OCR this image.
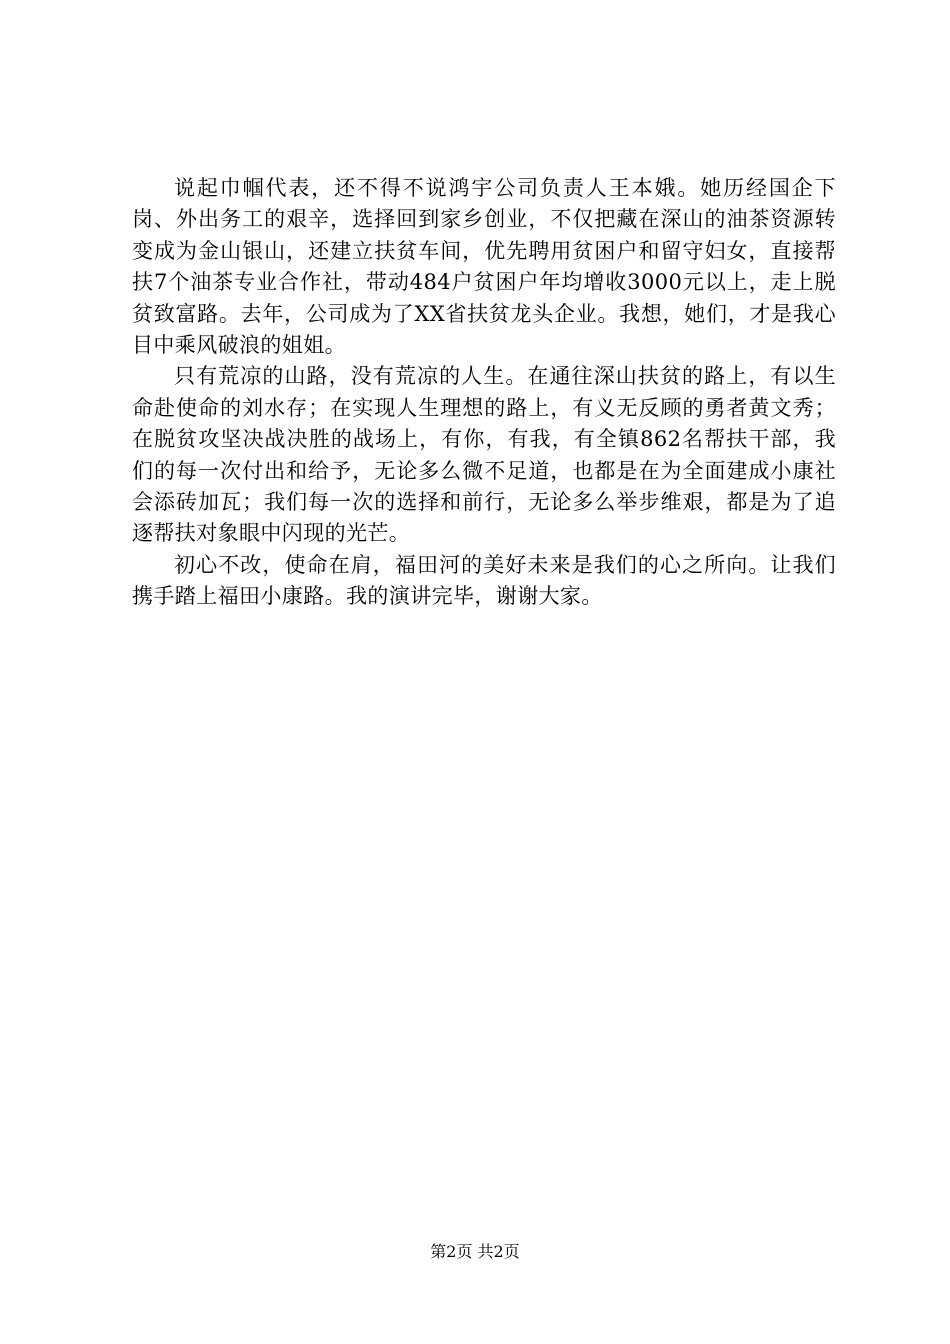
说起巾帼代表，还不得不说鸿宇公司负责人王本娥。她历经国企下岗、外出务工的艰辛，选择回到家乡创业，不仅把藏在深山的油茶资源转变成为金山银山，还建立扶贫车间，优先聘用贫困户和留守妇女，直接帮扶7个油茶专业合作社，带动484户贫困户年均增收3000元以上，走上脱贫致富路。去年，公司成为了XX省扶贫龙头企业。我想，她们，才是我心目中乘风破浪的姐姐。

只有荒凉的山路，没有荒凉的人生。在通往深山扶贫的路上，有以生命赴使命的刘水存；在实现人生理想的路上，有义无反顾的勇者黄文秀；在脱贫攻坚决战决胜的战场上，有你，有我，有全镇862名帮扶干部，我们的每一次付出和给予，无论多么微不足道，也都是在为全面建成小康社会添砖加瓦；我们每一次的选择和前行，无论多么举步维艰，都是为了追逐帮扶对象眼中闪现的光芒。

初心不改，使命在肩，福田河的美好未来是我们的心之所向。让我们携手踏上福田小康路。我的演讲完毕，谢谢大家。

第2页 共2页
